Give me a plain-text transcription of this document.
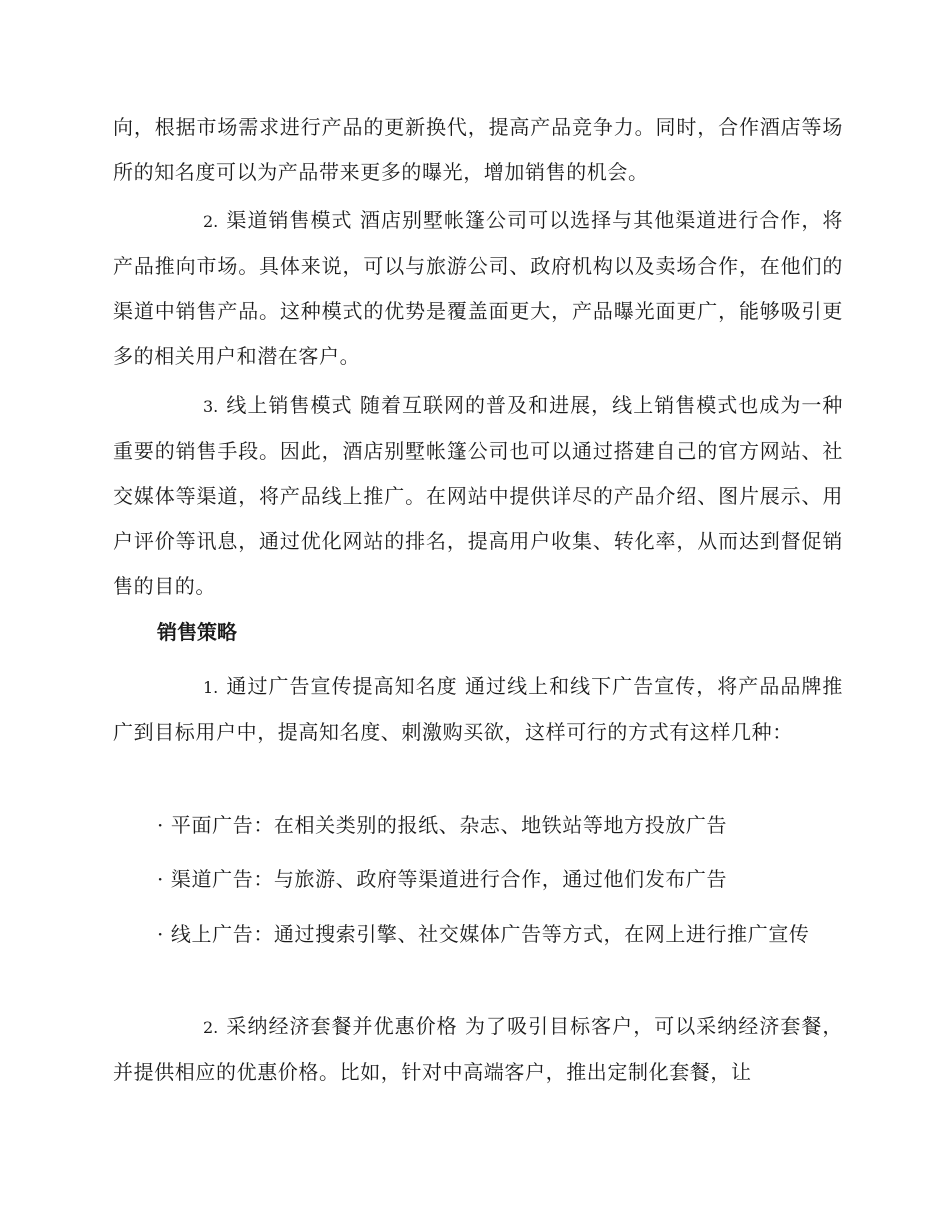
向，根据市场需求进行产品的更新换代，提高产品竞争力。同时，合作酒店等场所的知名度可以为产品带来更多的曝光，增加销售的机会。

2. 渠道销售模式 酒店别墅帐篷公司可以选择与其他渠道进行合作，将产品推向市场。具体来说，可以与旅游公司、政府机构以及卖场合作，在他们的渠道中销售产品。这种模式的优势是覆盖面更大，产品曝光面更广，能够吸引更多的相关用户和潜在客户。

3. 线上销售模式 随着互联网的普及和进展，线上销售模式也成为一种重要的销售手段。因此，酒店别墅帐篷公司也可以通过搭建自己的官方网站、社交媒体等渠道，将产品线上推广。在网站中提供详尽的产品介绍、图片展示、用户评价等讯息，通过优化网站的排名，提高用户收集、转化率，从而达到督促销售的目的。

销售策略

1. 通过广告宣传提高知名度 通过线上和线下广告宣传，将产品品牌推广到目标用户中，提高知名度、刺激购买欲，这样可行的方式有这样几种：

· 平面广告：在相关类别的报纸、杂志、地铁站等地方投放广告

· 渠道广告：与旅游、政府等渠道进行合作，通过他们发布广告

· 线上广告：通过搜索引擎、社交媒体广告等方式，在网上进行推广宣传

2. 采纳经济套餐并优惠价格 为了吸引目标客户，可以采纳经济套餐，并提供相应的优惠价格。比如，针对中高端客户，推出定制化套餐，让
